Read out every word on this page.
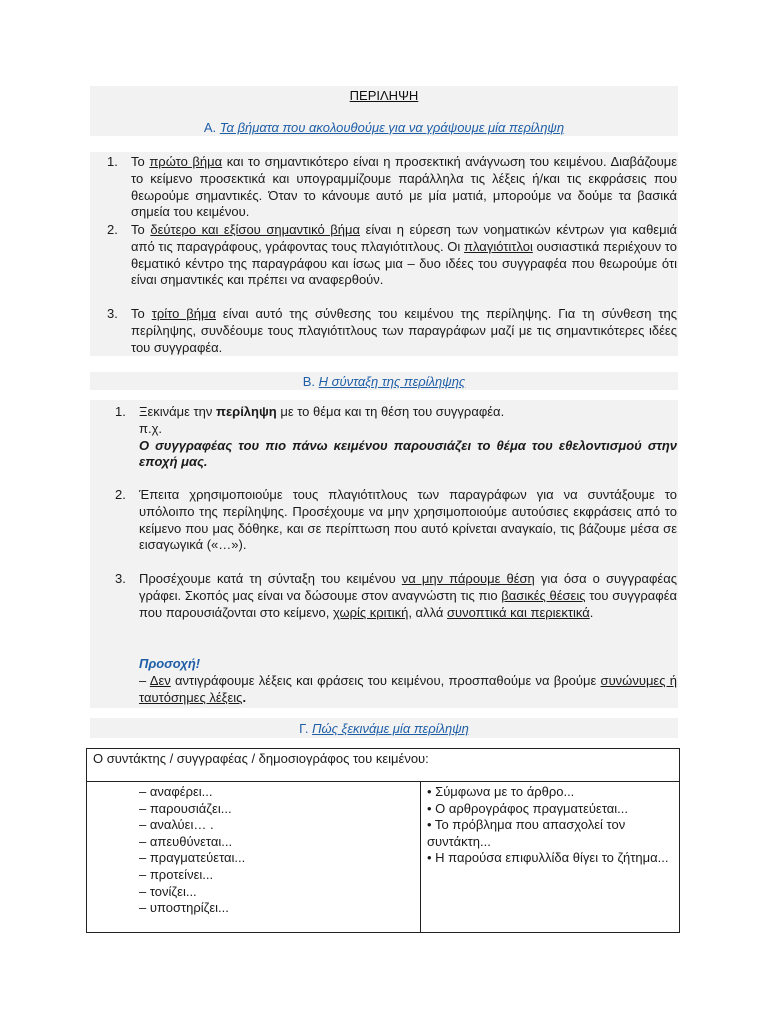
ΠΕΡΙΛΗΨΗ
Α. Τα βήματα που ακολουθούμε για να γράψουμε μία περίληψη
1. Το πρώτο βήμα και το σημαντικότερο είναι η προσεκτική ανάγνωση του κειμένου. Διαβάζουμε το κείμενο προσεκτικά και υπογραμμίζουμε παράλληλα τις λέξεις ή/και τις εκφράσεις που θεωρούμε σημαντικές. Όταν το κάνουμε αυτό με μία ματιά, μπορούμε να δούμε τα βασικά σημεία του κειμένου.
2. Το δεύτερο και εξίσου σημαντικό βήμα είναι η εύρεση των νοηματικών κέντρων για καθεμιά από τις παραγράφους, γράφοντας τους πλαγιότιτλους. Οι πλαγιότιτλοι ουσιαστικά περιέχουν το θεματικό κέντρο της παραγράφου και ίσως μια – δυο ιδέες του συγγραφέα που θεωρούμε ότι είναι σημαντικές και πρέπει να αναφερθούν.
3. Το τρίτο βήμα είναι αυτό της σύνθεσης του κειμένου της περίληψης. Για τη σύνθεση της περίληψης, συνδέουμε τους πλαγιότιτλους των παραγράφων μαζί με τις σημαντικότερες ιδέες του συγγραφέα.
Β. Η σύνταξη της περίληψης
1. Ξεκινάμε την περίληψη με το θέμα και τη θέση του συγγραφέα.
π.χ.
Ο συγγραφέας του πιο πάνω κειμένου παρουσιάζει το θέμα του εθελοντισμού στην εποχή μας.
2. Έπειτα χρησιμοποιούμε τους πλαγιότιτλους των παραγράφων για να συντάξουμε το υπόλοιπο της περίληψης. Προσέχουμε να μην χρησιμοποιούμε αυτούσιες εκφράσεις από το κείμενο που μας δόθηκε, και σε περίπτωση που αυτό κρίνεται αναγκαίο, τις βάζουμε μέσα σε εισαγωγικά («…»).
3. Προσέχουμε κατά τη σύνταξη του κειμένου να μην πάρουμε θέση για όσα ο συγγραφέας γράφει. Σκοπός μας είναι να δώσουμε στον αναγνώστη τις πιο βασικές θέσεις του συγγραφέα που παρουσιάζονται στο κείμενο, χωρίς κριτική, αλλά συνοπτικά και περιεκτικά.
Προσοχή!
– Δεν αντιγράφουμε λέξεις και φράσεις του κειμένου, προσπαθούμε να βρούμε συνώνυμες ή ταυτόσημες λέξεις.
Γ. Πώς ξεκινάμε μία περίληψη
Ο συντάκτης / συγγραφέας / δημοσιογράφος του κειμένου:

– αναφέρει...
– παρουσιάζει...
– αναλύει… .
– απευθύνεται...
– πραγματεύεται...
– προτείνει...
– τονίζει...
– υποστηρίζει...

• Σύμφωνα με το άρθρο...
• Ο αρθρογράφος πραγματεύεται...
• Το πρόβλημα που απασχολεί τον συντάκτη...
• Η παρούσα επιφυλλίδα θίγει το ζήτημα...
